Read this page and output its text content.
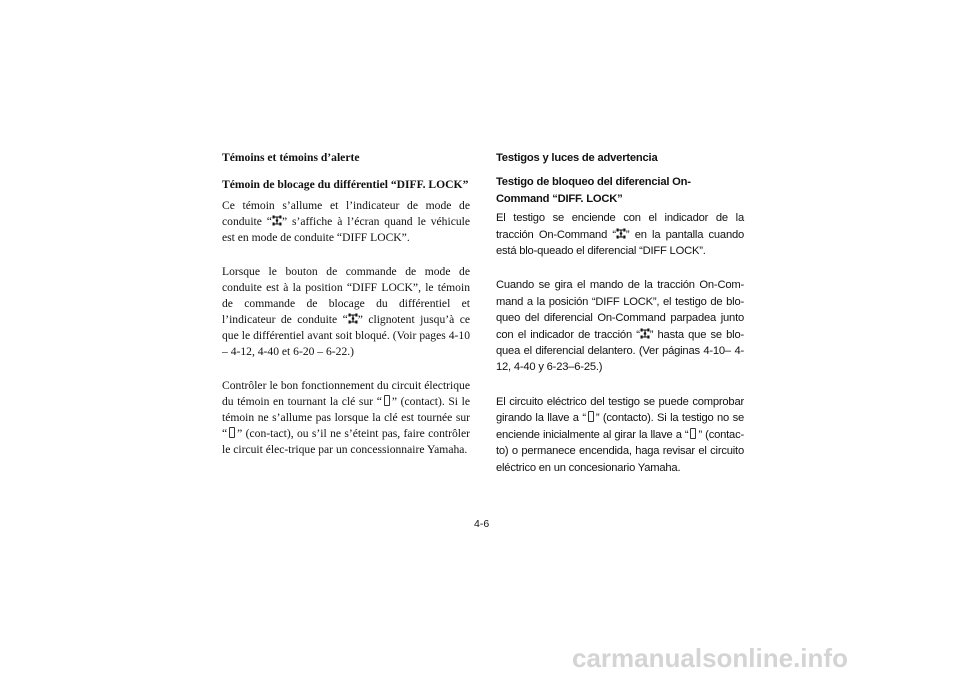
Témoins et témoins d’alerte
Témoin de blocage du différentiel “DIFF. LOCK”

Ce témoin s’allume et l’indicateur de mode de conduite “ ” s’affiche à l’écran quand le véhicule est en mode de conduite “DIFF LOCK”.

Lorsque le bouton de commande de mode de conduite est à la position “DIFF LOCK”, le témoin de commande de blocage du différentiel et l’indicateur de conduite “ ” clignotent jusqu’à ce que le différentiel avant soit bloqué. (Voir pages 4-10 – 4-12, 4-40 et 6-20 – 6-22.)

Contrôler le bon fonctionnement du circuit électrique du témoin en tournant la clé sur “ ” (contact). Si le témoin ne s’allume pas lorsque la clé est tournée sur “ ” (con-tact), ou s’il ne s’éteint pas, faire contrôler le circuit élec-trique par un concessionnaire Yamaha.

Testigos y luces de advertencia
Testigo de bloqueo del diferencial On-Command “DIFF. LOCK”

El testigo se enciende con el indicador de la tracción On-Command “ ” en la pantalla cuando está blo-queado el diferencial “DIFF LOCK”.

Cuando se gira el mando de la tracción On-Com-mand a la posición “DIFF LOCK”, el testigo de blo-queo del diferencial On-Command parpadea junto con el indicador de tracción “ ” hasta que se blo-quea el diferencial delantero. (Ver páginas 4-10– 4-12, 4-40 y 6-23–6-25.)

El circuito eléctrico del testigo se puede comprobar girando la llave a “ ” (contacto). Si la testigo no se enciende inicialmente al girar la llave a “ ” (contac-to) o permanece encendida, haga revisar el circuito eléctrico en un concesionario Yamaha.

4-6
carmanualsonline.info
